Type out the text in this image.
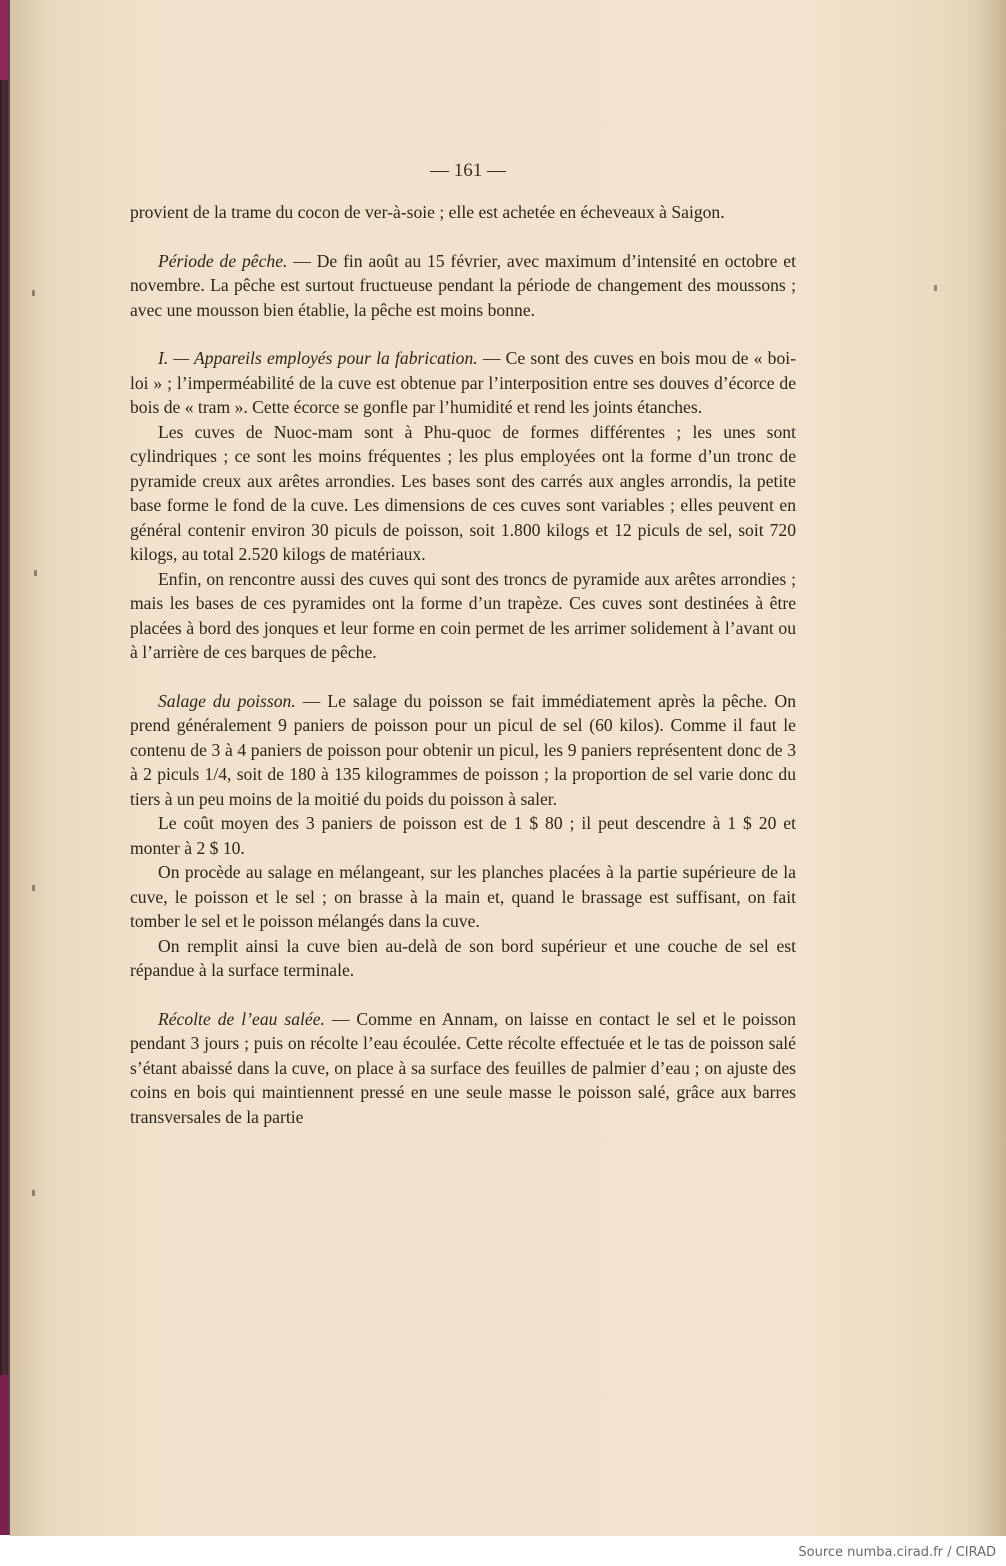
— 161 —

provient de la trame du cocon de ver-à-soie ; elle est achetée en écheveaux à Saigon.

Période de pêche. — De fin août au 15 février, avec maximum d’intensité en octobre et novembre. La pêche est surtout fructueuse pendant la période de changement des moussons ; avec une mousson bien établie, la pêche est moins bonne.

I. — Appareils employés pour la fabrication. — Ce sont des cuves en bois mou de « boi-loi » ; l’imperméabilité de la cuve est obtenue par l’interposition entre ses douves d’écorce de bois de « tram ». Cette écorce se gonfle par l’humidité et rend les joints étanches.

Les cuves de Nuoc-mam sont à Phu-quoc de formes différentes ; les unes sont cylindriques ; ce sont les moins fréquentes ; les plus employées ont la forme d’un tronc de pyramide creux aux arêtes arrondies. Les bases sont des carrés aux angles arrondis, la petite base forme le fond de la cuve. Les dimensions de ces cuves sont variables ; elles peuvent en général contenir environ 30 piculs de poisson, soit 1.800 kilogs et 12 piculs de sel, soit 720 kilogs, au total 2.520 kilogs de matériaux.

Enfin, on rencontre aussi des cuves qui sont des troncs de pyramide aux arêtes arrondies ; mais les bases de ces pyramides ont la forme d’un trapèze. Ces cuves sont destinées à être placées à bord des jonques et leur forme en coin permet de les arrimer solidement à l’avant ou à l’arrière de ces barques de pêche.

Salage du poisson. — Le salage du poisson se fait immédiatement après la pêche. On prend généralement 9 paniers de poisson pour un picul de sel (60 kilos). Comme il faut le contenu de 3 à 4 paniers de poisson pour obtenir un picul, les 9 paniers représentent donc de 3 à 2 piculs 1/4, soit de 180 à 135 kilogrammes de poisson ; la proportion de sel varie donc du tiers à un peu moins de la moitié du poids du poisson à saler.

Le coût moyen des 3 paniers de poisson est de 1 $ 80 ; il peut descendre à 1 $ 20 et monter à 2 $ 10.

On procède au salage en mélangeant, sur les planches placées à la partie supérieure de la cuve, le poisson et le sel ; on brasse à la main et, quand le brassage est suffisant, on fait tomber le sel et le poisson mélangés dans la cuve.

On remplit ainsi la cuve bien au-delà de son bord supérieur et une couche de sel est répandue à la surface terminale.

Récolte de l’eau salée. — Comme en Annam, on laisse en contact le sel et le poisson pendant 3 jours ; puis on récolte l’eau écoulée. Cette récolte effectuée et le tas de poisson salé s’étant abaissé dans la cuve, on place à sa surface des feuilles de palmier d’eau ; on ajuste des coins en bois qui maintiennent pressé en une seule masse le poisson salé, grâce aux barres transversales de la partie

Source numba.cirad.fr / CIRAD
